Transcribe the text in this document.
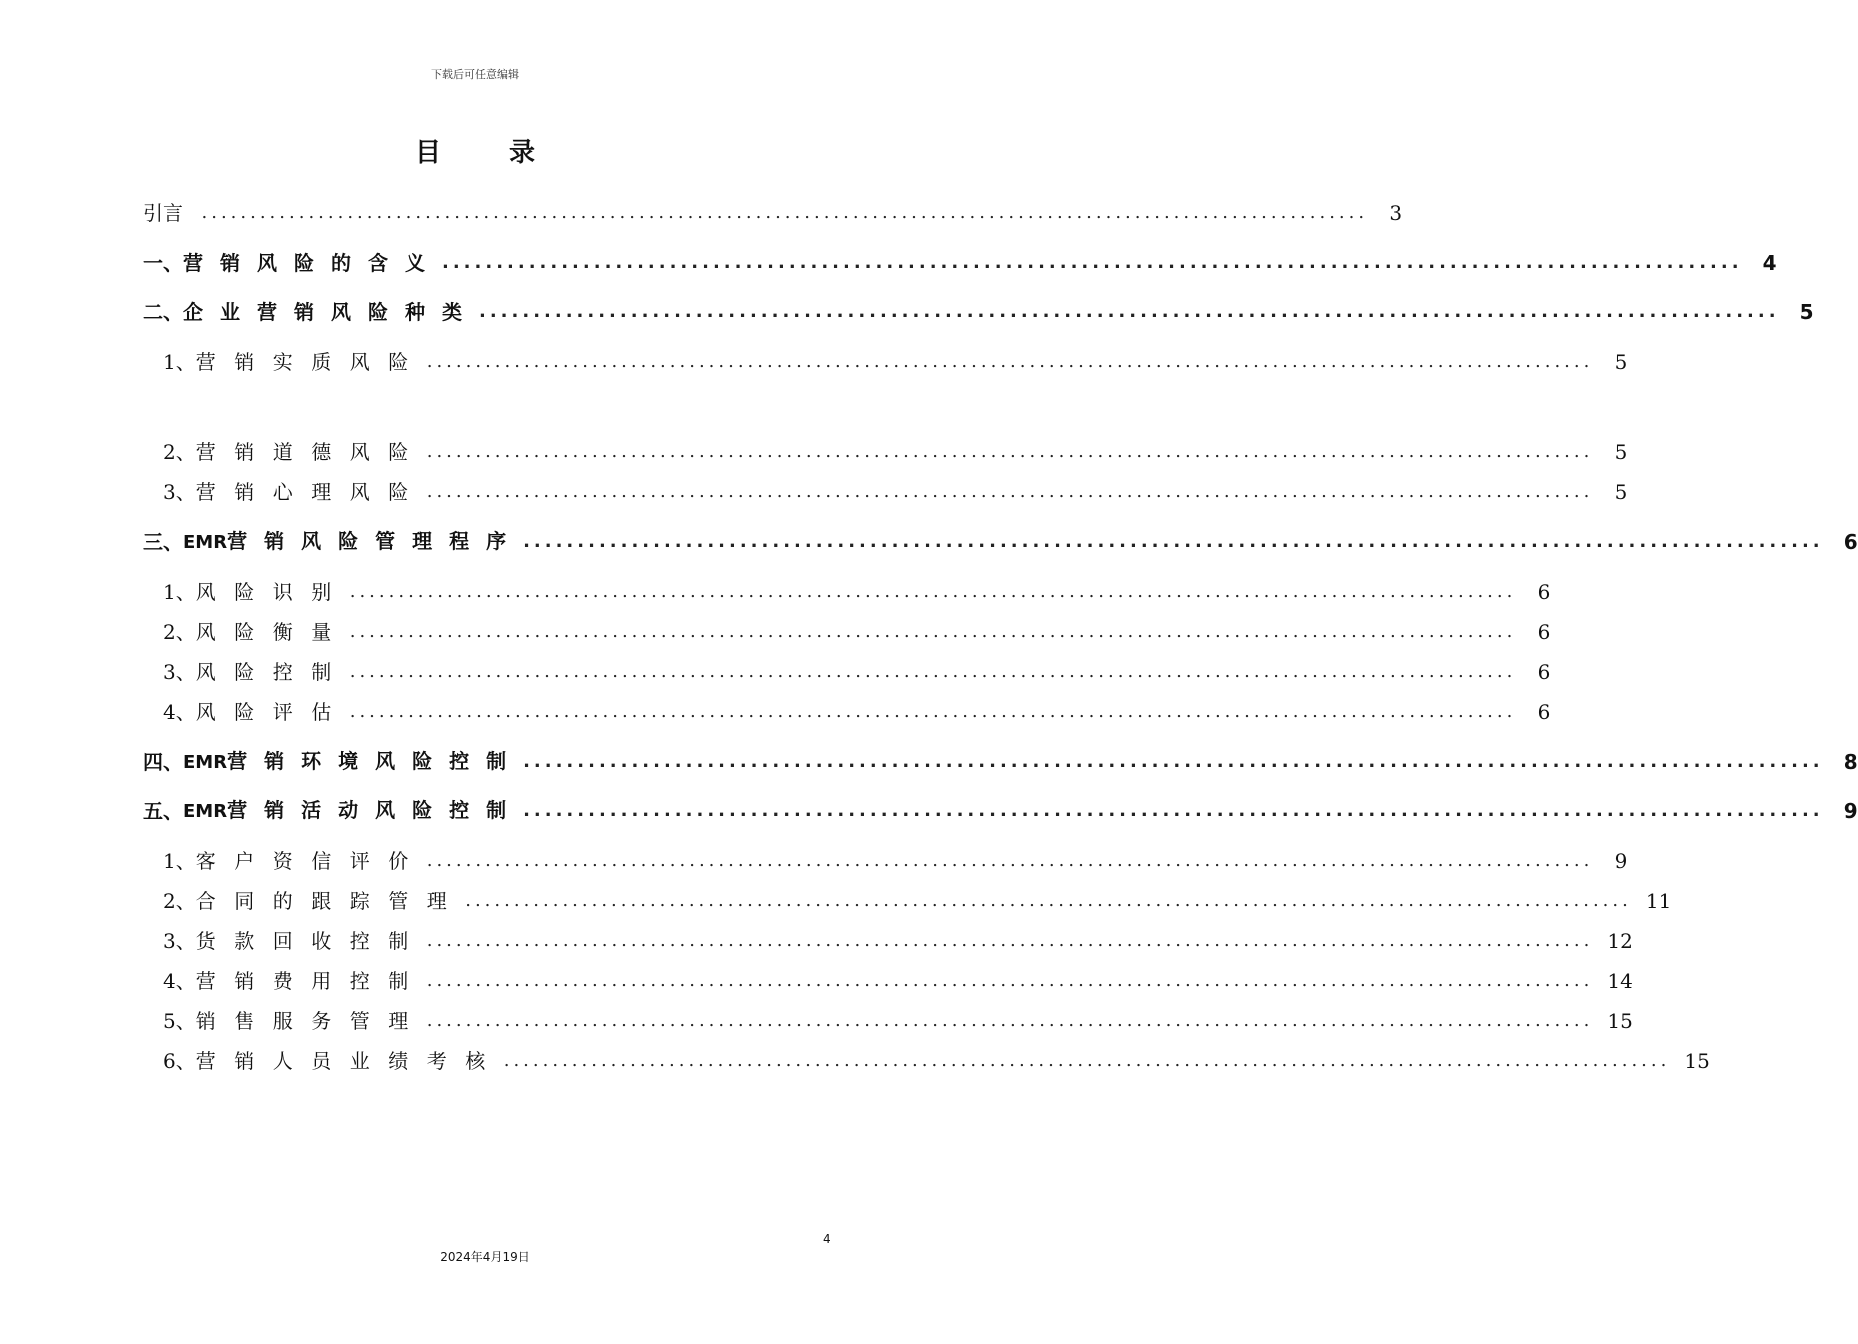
下载后可任意编辑
目录
引 言 ........................................................................................................................	3
一、 营销风险的含义 ........................................................................................................................	4
二、 企业营销风险种类 ........................................................................................................................	5
1、 营销实质风险 ........................................................................................................................	5
2、 营销道德风险 ........................................................................................................................	5
3、 营销心理风险 ........................................................................................................................	5
三、 EMR营销风险管理程序 ........................................................................................................................	6
1、 风险识别 ........................................................................................................................	6
2、 风险衡量 ........................................................................................................................	6
3、 风险控制 ........................................................................................................................	6
4、 风险评估 ........................................................................................................................	6
四、 EMR营销环境风险控制 ........................................................................................................................	8
五、 EMR营销活动风险控制 ........................................................................................................................	9
1、 客户资信评价 ........................................................................................................................	9
2、 合同的跟踪管理 ........................................................................................................................ 11
3、 货款回收控制 ........................................................................................................................ 12
4、 营销费用控制 ........................................................................................................................ 14
5、 销售服务管理 ........................................................................................................................ 15
6、 营销人员业绩考核 ........................................................................................................................ 15
4
2024年4月19日
